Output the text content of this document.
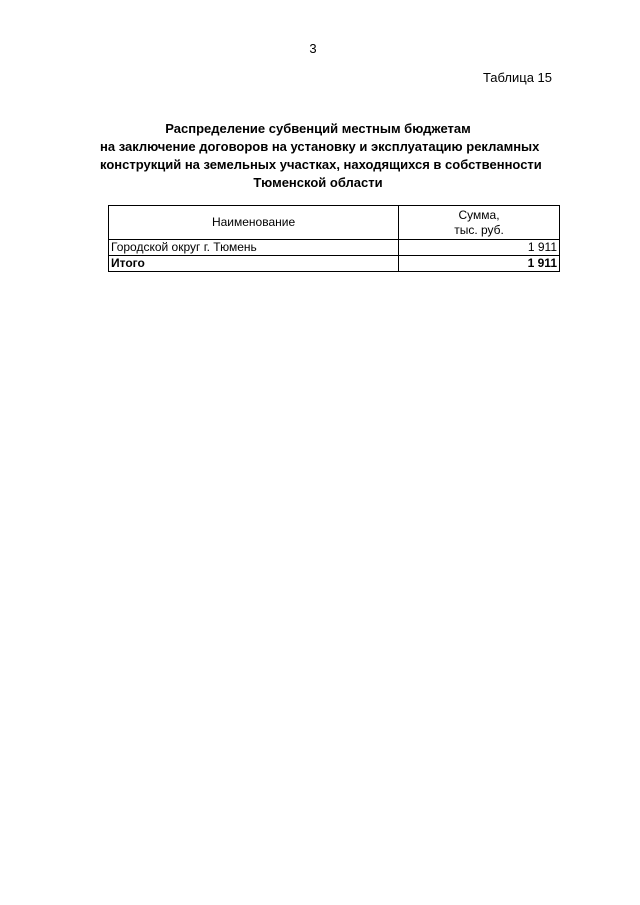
3
Таблица 15
Распределение субвенций местным бюджетам
на заключение договоров на установку и эксплуатацию рекламных
конструкций на земельных участках, находящихся в собственности
Тюменской области
Наименование	Сумма,
тыс. руб.

Городской округ г. Тюмень	1 911
Итого	1 911
